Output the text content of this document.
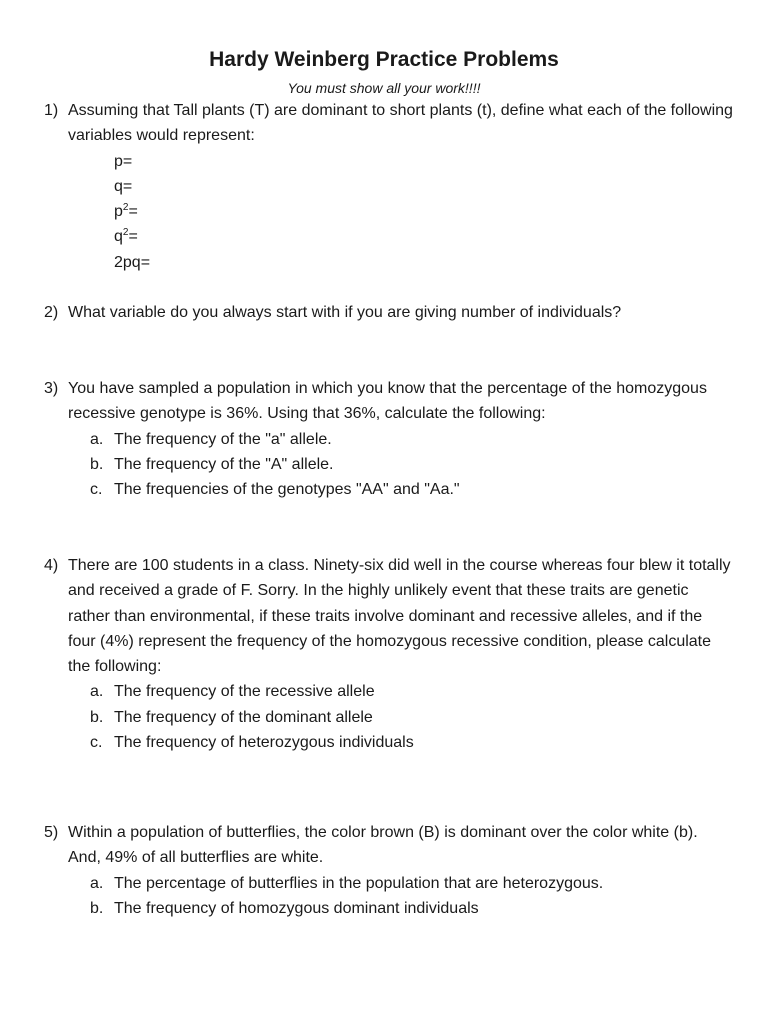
Hardy Weinberg Practice Problems
You must show all your work!!!!
1) Assuming that Tall plants (T) are dominant to short plants (t), define what each of the following variables would represent:
p=
q=
$p^2=$
$q^2=$
2pq=
2) What variable do you always start with if you are giving number of individuals?
3) You have sampled a population in which you know that the percentage of the homozygous recessive genotype is 36%. Using that 36%, calculate the following:
a. The frequency of the "a" allele.
b. The frequency of the "A" allele.
c. The frequencies of the genotypes "AA" and "Aa."
4) There are 100 students in a class. Ninety-six did well in the course whereas four blew it totally and received a grade of F. Sorry. In the highly unlikely event that these traits are genetic rather than environmental, if these traits involve dominant and recessive alleles, and if the four (4%) represent the frequency of the homozygous recessive condition, please calculate the following:
a. The frequency of the recessive allele
b. The frequency of the dominant allele
c. The frequency of heterozygous individuals
5) Within a population of butterflies, the color brown (B) is dominant over the color white (b). And, 49% of all butterflies are white.
a. The percentage of butterflies in the population that are heterozygous.
b. The frequency of homozygous dominant individuals
